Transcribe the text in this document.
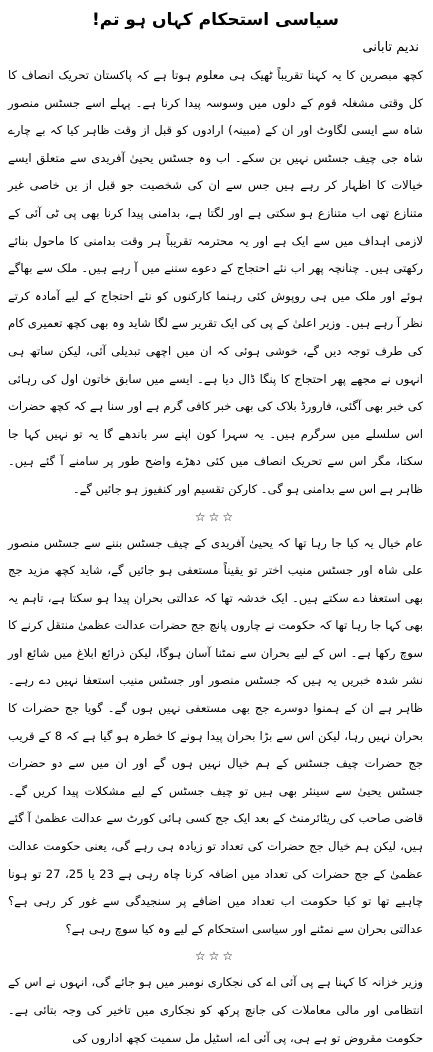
سیاسی استحکام کہاں ہو تم!
ندیم تابانی

کچھ مبصرین کا یہ کہنا تقریباً ٹھیک ہی معلوم ہوتا ہے کہ پاکستان تحریک انصاف کا کل وقتی مشغلہ قوم کے دلوں میں وسوسہ پیدا کرنا ہے۔ پہلے اسے جسٹس منصور شاہ سے ایسی لگاوٹ اور ان کے (مبینہ) ارادوں کو قبل از وقت ظاہر کیا کہ بے چارے شاہ جی چیف جسٹس نہیں بن سکے۔ اب وہ جسٹس یحییٰ آفریدی سے متعلق ایسے خیالات کا اظہار کر رہے ہیں جس سے ان کی شخصیت جو قبل از یں خاصی غیر متنازع تھی اب متنازع ہو سکتی ہے اور لگتا ہے، بدامنی پیدا کرنا بھی پی ٹی آئی کے لازمی اہداف میں سے ایک ہے اور یہ محترمہ تقریباً ہر وقت بدامنی کا ماحول بنائے رکھتی ہیں۔ چنانچہ پھر اب نئے احتجاج کے دعوے سننے میں آ رہے ہیں۔ ملک سے بھاگے ہوئے اور ملک میں ہی روپوش کئی رہنما کارکنوں کو نئے احتجاج کے لیے آمادہ کرتے نظر آ رہے ہیں۔ وزیر اعلیٰ کے پی کی ایک تقریر سے لگا شاید وہ بھی کچھ تعمیری کام کی طرف توجہ دیں گے، خوشی ہوئی کہ ان میں اچھی تبدیلی آئی، لیکن ساتھ ہی انہوں نے مجھے پھر احتجاج کا پنگا ڈال دیا ہے۔ ایسے میں سابق خاتون اول کی رہائی کی خبر بھی آگئی، فارورڈ بلاک کی بھی خبر کافی گرم ہے اور سنا ہے کہ کچھ حضرات اس سلسلے میں سرگرم ہیں۔ یہ سہرا کون اپنے سر باندھے گا یہ تو نہیں کہا جا سکتا، مگر اس سے تحریک انصاف میں کئی دھڑے واضح طور پر سامنے آ گئے ہیں۔ ظاہر ہے اس سے بدامنی ہو گی۔ کارکن تقسیم اور کنفیوز ہو جائیں گے۔

☆☆☆

عام خیال یہ کیا جا رہا تھا کہ یحییٰ آفریدی کے چیف جسٹس بننے سے جسٹس منصور علی شاہ اور جسٹس منیب اختر تو یقیناً مستعفی ہو جائیں گے، شاید کچھ مزید جج بھی استعفا دے سکتے ہیں۔ ایک خدشہ تھا کہ عدالتی بحران پیدا ہو سکتا ہے، تاہم یہ بھی کہا جا رہا تھا کہ حکومت نے چاروں پانچ جج حضرات عدالت عظمیٰ منتقل کرنے کا سوچ رکھا ہے۔ اس کے لیے بحران سے نمٹنا آسان ہوگا، لیکن ذرائع ابلاغ میں شائع اور نشر شدہ خبریں یہ ہیں کہ جسٹس منصور اور جسٹس منیب استعفا نہیں دے رہے۔ ظاہر ہے ان کے ہمنوا دوسرے جج بھی مستعفی نہیں ہوں گے۔ گویا جج حضرات کا بحران نہیں رہا، لیکن اس سے بڑا بحران پیدا ہونے کا خطرہ ہو گیا ہے کہ 8 کے قریب جج حضرات چیف جسٹس کے ہم خیال نہیں ہوں گے اور ان میں سے دو حضرات جسٹس یحییٰ سے سینئر بھی ہیں تو چیف جسٹس کے لیے مشکلات پیدا کریں گے۔ قاضی صاحب کی ریٹائرمنٹ کے بعد ایک جج کسی ہائی کورٹ سے عدالت عظمیٰ آ گئے ہیں، لیکن ہم خیال جج حضرات کی تعداد تو زیادہ ہی رہے گی، یعنی حکومت عدالت عظمیٰ کے جج حضرات کی تعداد میں اضافہ کرنا چاہ رہی ہے 23 یا 25، 27 تو ہونا چاہیے تھا تو کیا حکومت اب تعداد میں اضافے پر سنجیدگی سے غور کر رہی ہے؟ عدالتی بحران سے نمٹنے اور سیاسی استحکام کے لیے وہ کیا سوچ رہی ہے؟

☆☆☆

وزیر خزانہ کا کہنا ہے پی آئی اے کی نجکاری نومبر میں ہو جائے گی، انہوں نے اس کے انتظامی اور مالی معاملات کی جانچ پرکھ کو نجکاری میں تاخیر کی وجہ بتائی ہے۔ حکومت مقروض تو ہے ہی، پی آئی اے، اسٹیل مل سمیت کچھ اداروں کی
